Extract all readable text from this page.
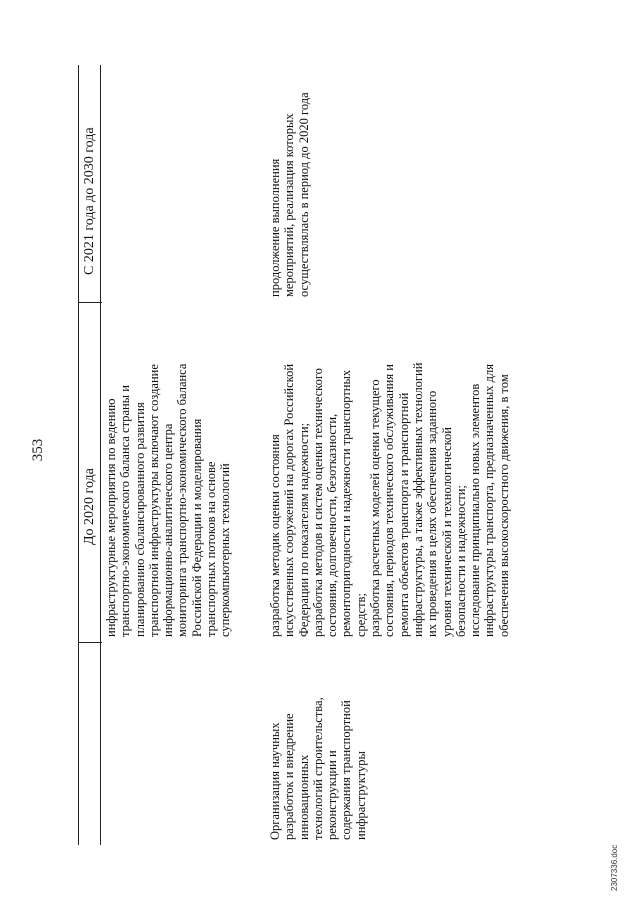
353
До 2020 года
С 2021 года до 2030 года

инфраструктурные мероприятия по ведению транспортно-экономического баланса страны и планированию сбалансированного развития транспортной инфраструктуры включают создание информационно-аналитического центра мониторинга транспортно-экономического баланса Российской Федерации и моделирования транспортных потоков на основе суперкомпьютерных технологий

Организация научных разработок и внедрение инновационных технологий строительства, реконструкции и содержания транспортной инфраструктуры

разработка методик оценки состояния искусственных сооружений на дорогах Российской Федерации по показателям надежности; разработка методов и систем оценки технического состояния, долговечности, безотказности, ремонтопригодности и надежности транспортных средств; разработка расчетных моделей оценки текущего состояния, периодов технического обслуживания и ремонта объектов транспорта и транспортной инфраструктуры, а также эффективных технологий их проведения в целях обеспечения заданного уровня технической и технологической безопасности и надежности; исследование принципиально новых элементов инфраструктуры транспорта, предназначенных для обеспечения высокоскоростного движения, в том

продолжение выполнения мероприятий, реализация которых осуществлялась в период до 2020 года

2307336.doc
